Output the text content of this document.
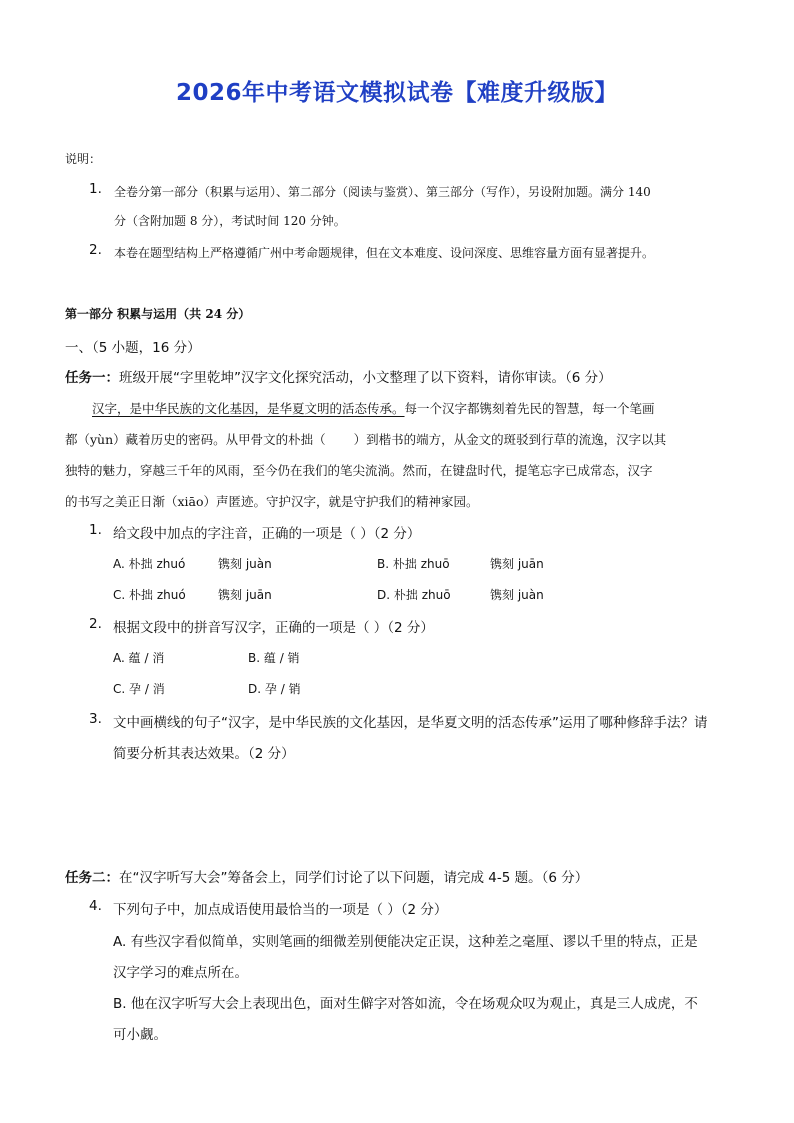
2026年中考语文模拟试卷【难度升级版】
说明：
1. 全卷分第一部分（积累与运用）、第二部分（阅读与鉴赏）、第三部分（写作），另设附加题。满分 140
分（含附加题 8 分），考试时间 120 分钟。
2. 本卷在题型结构上严格遵循广州中考命题规律，但在文本难度、设问深度、思维容量方面有显著提升。
第一部分 积累与运用（共 24 分）
一、（5 小题，16 分）
任务一：班级开展“字里乾坤”汉字文化探究活动，小文整理了以下资料，请你审读。（6 分）
汉字，是中华民族的文化基因，是华夏文明的活态传承。每一个汉字都镌刻着先民的智慧，每一个笔画
都（yùn）藏着历史的密码。从甲骨文的朴拙（ ）到楷书的端方，从金文的斑驳到行草的流逸，汉字以其
独特的魅力，穿越三千年的风雨，至今仍在我们的笔尖流淌。然而，在键盘时代，提笔忘字已成常态，汉字
的书写之美正日渐（xiāo）声匿迹。守护汉字，就是守护我们的精神家园。
1. 给文段中加点的字注音，正确的一项是（ ）（2 分）
A. 朴拙 zhuó	镌刻 juàn	B. 朴拙 zhuō	镌刻 juān
C. 朴拙 zhuó	镌刻 juān	D. 朴拙 zhuō	镌刻 juàn
2. 根据文段中的拼音写汉字，正确的一项是（ ）（2 分）
A. 蕴 / 消	B. 蕴 / 销
C. 孕 / 消	D. 孕 / 销
3. 文中画横线的句子“汉字，是中华民族的文化基因，是华夏文明的活态传承”运用了哪种修辞手法？请
简要分析其表达效果。（2 分）
任务二：在“汉字听写大会”筹备会上，同学们讨论了以下问题，请完成 4-5 题。（6 分）
4. 下列句子中，加点成语使用最恰当的一项是（ ）（2 分）
A. 有些汉字看似简单，实则笔画的细微差别便能决定正误，这种差之毫厘、谬以千里的特点，正是
汉字学习的难点所在。
B. 他在汉字听写大会上表现出色，面对生僻字对答如流，令在场观众叹为观止，真是三人成虎，不
可小觑。
